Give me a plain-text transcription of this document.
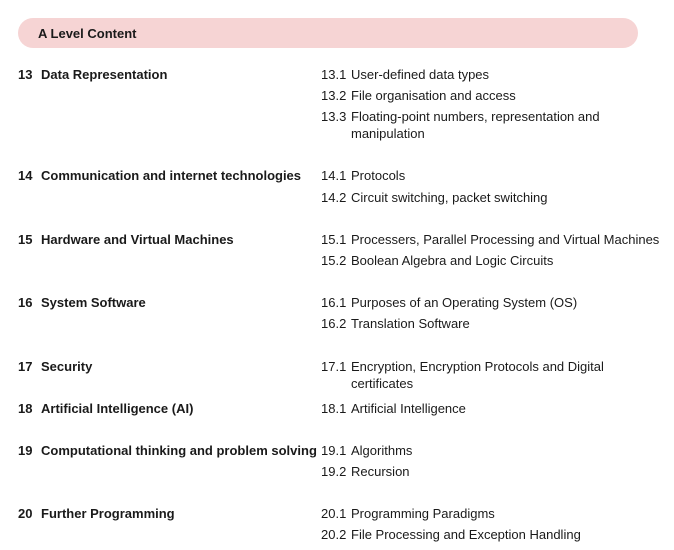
A Level Content
13 Data Representation	13.1 User-defined data types
13.2 File organisation and access
13.3 Floating-point numbers, representation and manipulation
14 Communication and internet technologies 14.1 Protocols
14.2 Circuit switching, packet switching
15 Hardware and Virtual Machines	15.1 Processers, Parallel Processing and Virtual Machines
15.2 Boolean Algebra and Logic Circuits
16 System Software	16.1 Purposes of an Operating System (OS)
16.2 Translation Software
17 Security	17.1 Encryption, Encryption Protocols and Digital certificates
18 Artificial Intelligence (AI)	18.1 Artificial Intelligence
19 Computational thinking and problem solving 19.1 Algorithms
19.2 Recursion
20 Further Programming	20.1 Programming Paradigms
20.2 File Processing and Exception Handling
